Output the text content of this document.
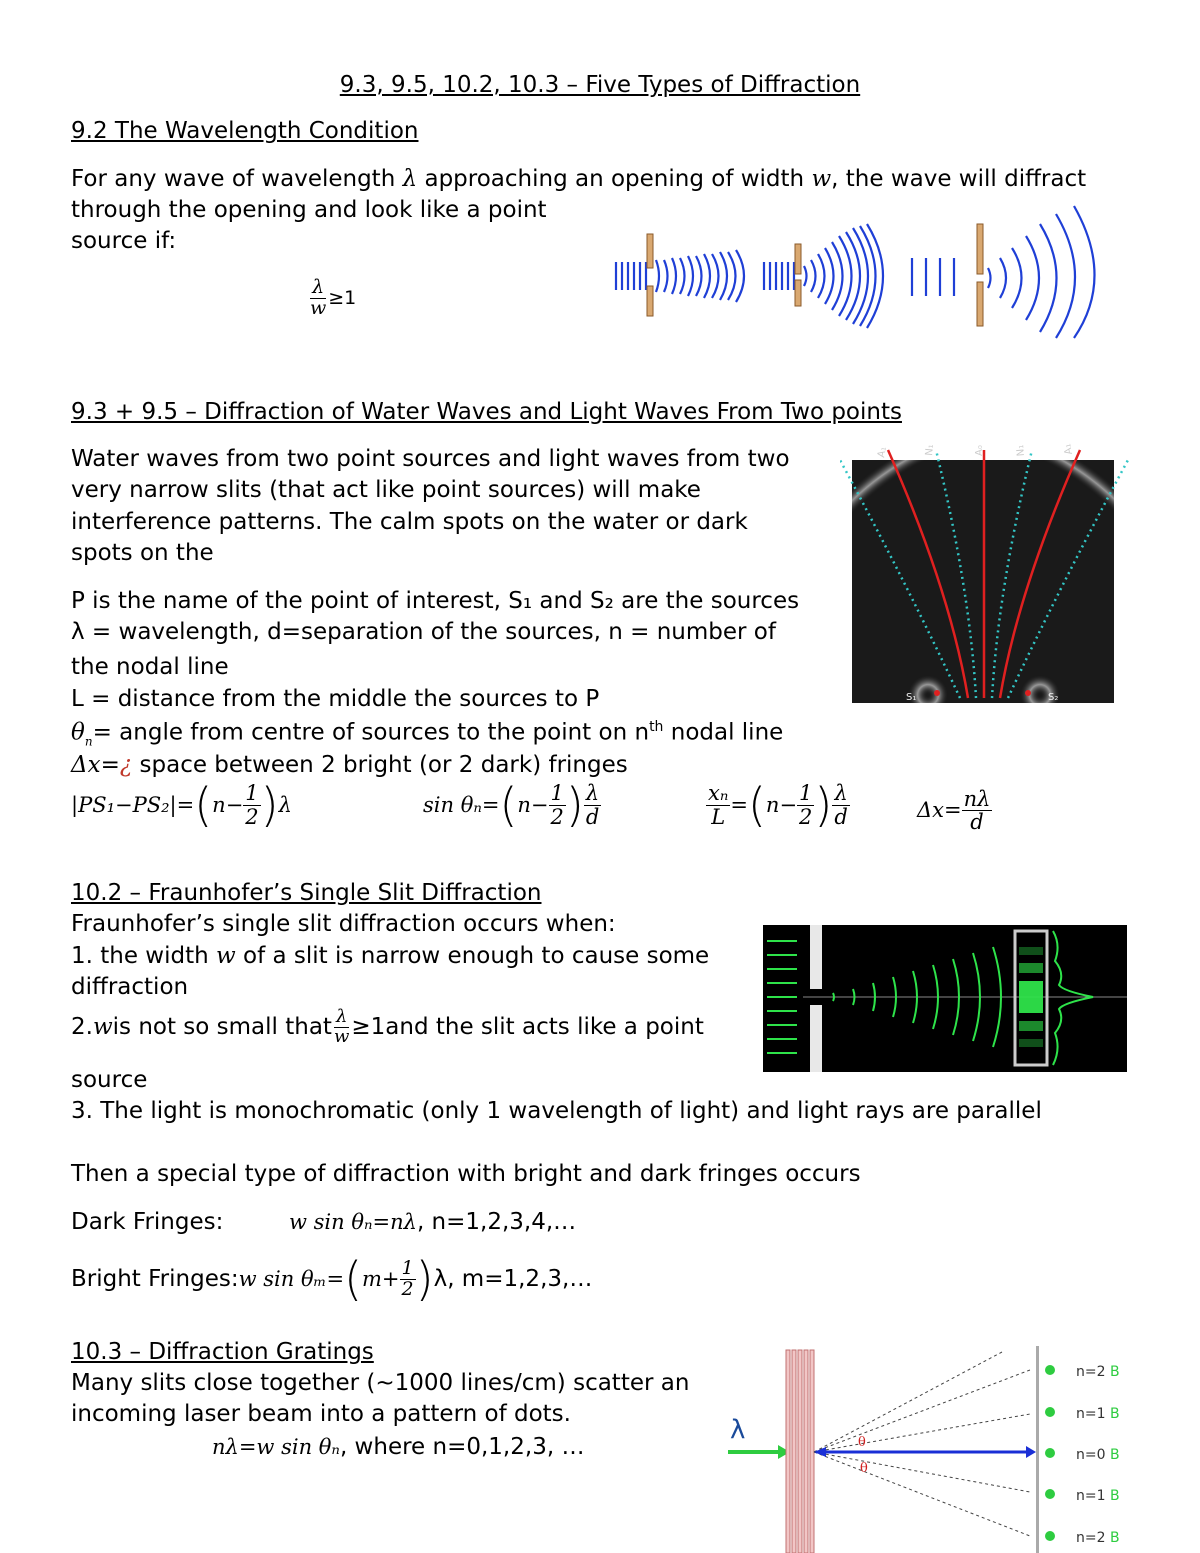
9.3, 9.5, 10.2, 10.3 – Five Types of Diffraction
9.2 The Wavelength Condition
For any wave of wavelength λ approaching an opening of width w, the wave will diffract
through the opening and look like a point
source if:
$\frac{\lambda}{w} \ge 1$
9.3 + 9.5 – Diffraction of Water Waves and Light Waves From Two points
Water waves from two point sources and light waves from two
very narrow slits (that act like point sources) will make
interference patterns. The calm spots on the water or dark
spots on the
P is the name of the point of interest, S₁ and S₂ are the sources
λ = wavelength, d=separation of the sources, n = number of
the nodal line
L = distance from the middle the sources to P
$\theta_n=$ angle from centre of sources to the point on $n^{th}$ nodal line
Δx=¿ space between 2 bright (or 2 dark) fringes
|PS₁−PS₂|= ( $n- \frac{1}{2}$ ) λ	sin θₙ= ( $n- \frac{1}{2}$ ) $\frac{\lambda}{d}$	$\frac{\text{xₙ}}{L}$ = ( $n- \frac{1}{2}$ ) $\frac{\lambda}{d}$	$\Delta x= \frac{n\lambda}{d}$
A₁	N₁	A₀	N₁	A₁
S₁	S₂
10.2 – Fraunhofer’s Single Slit Diffraction
Fraunhofer’s single slit diffraction occurs when:
1. the width w of a slit is narrow enough to cause some
diffraction
2. w is not so small that $\frac{\lambda}{w} \ge 1and$ the slit acts like a point
source
3. The light is monochromatic (only 1 wavelength of light) and light rays are parallel
Then a special type of diffraction with bright and dark fringes occurs
Dark Fringes:	w sin θₙ=nλ , n=1,2,3,4,…
Bright Fringes: w sin θₘ= ( $m+ \frac{1}{2}$ ) λ, m=1,2,3,…
10.3 – Diffraction Gratings
Many slits close together (~1000 lines/cm) scatter an
incoming laser beam into a pattern of dots.
nλ=w sin θₙ, where n=0,1,2,3, …
λ	θ
θ
n=2
n=1
n=0
n=1
n=2
B
B
B
B
B
